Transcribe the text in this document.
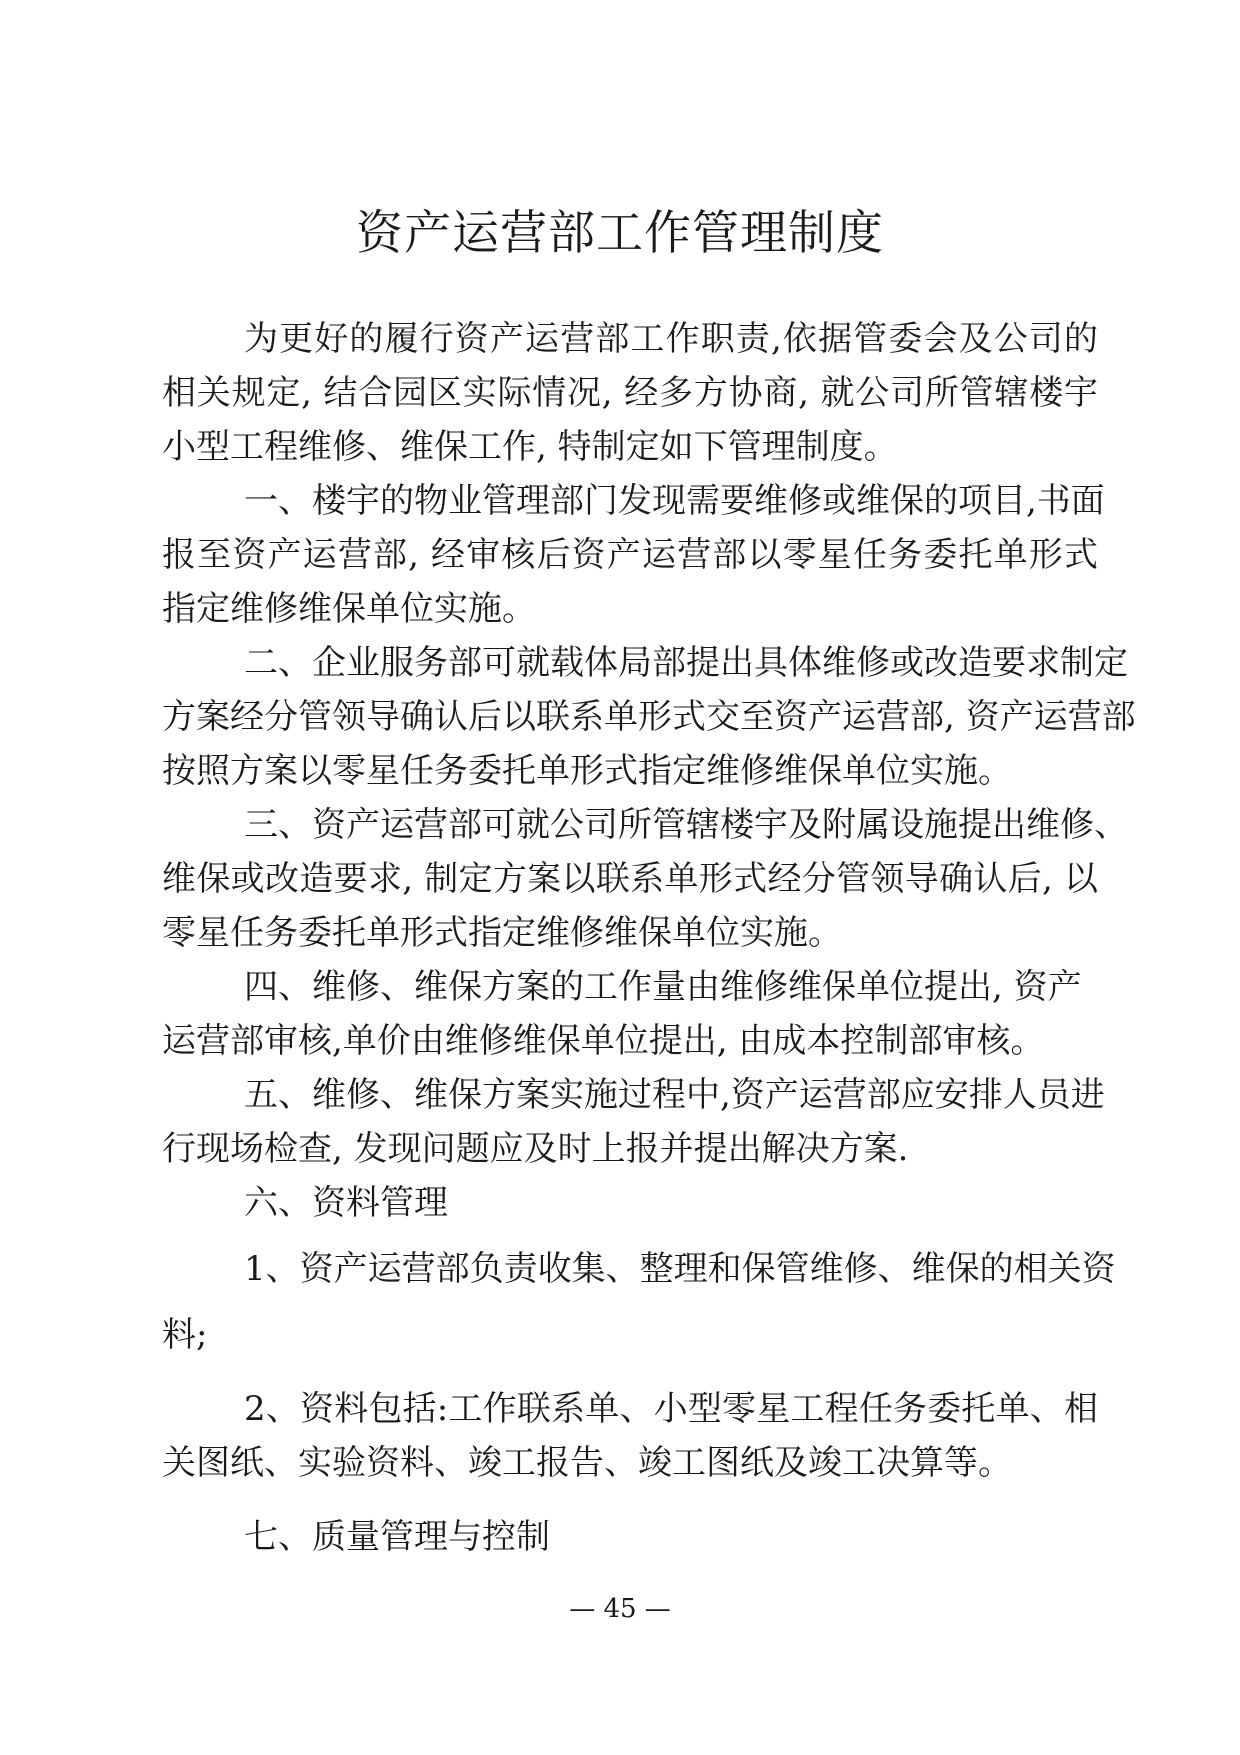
资产运营部工作管理制度

为更好的履行资产运营部工作职责,依据管委会及公司的

相关规定, 结合园区实际情况, 经多方协商, 就公司所管辖楼宇

小型工程维修、维保工作, 特制定如下管理制度。

一、楼宇的物业管理部门发现需要维修或维保的项目,书面

报至资产运营部, 经审核后资产运营部以零星任务委托单形式

指定维修维保单位实施。

二、企业服务部可就载体局部提出具体维修或改造要求制定

方案经分管领导确认后以联系单形式交至资产运营部, 资产运营部

按照方案以零星任务委托单形式指定维修维保单位实施。

三、资产运营部可就公司所管辖楼宇及附属设施提出维修、

维保或改造要求, 制定方案以联系单形式经分管领导确认后, 以

零星任务委托单形式指定维修维保单位实施。

四、维修、维保方案的工作量由维修维保单位提出, 资产

运营部审核,单价由维修维保单位提出, 由成本控制部审核。

五、维修、维保方案实施过程中,资产运营部应安排人员进

行现场检查, 发现问题应及时上报并提出解决方案.

六、资料管理

1、资产运营部负责收集、整理和保管维修、维保的相关资

料;

2、资料包括:工作联系单、小型零星工程任务委托单、相

关图纸、实验资料、竣工报告、竣工图纸及竣工决算等。

七、质量管理与控制

— 45 —
